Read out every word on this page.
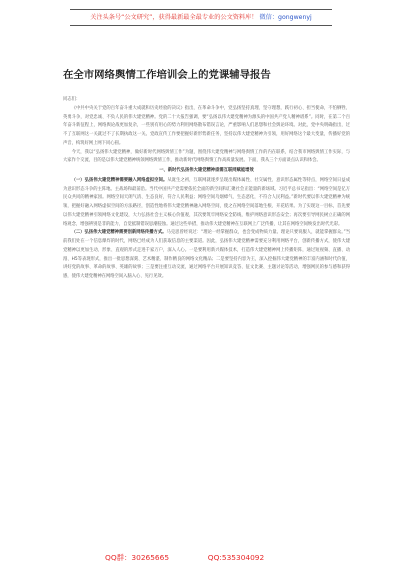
关注头条号“公文研究”，获得最新最全最专业的公文资料库！ 微信：gongwenyj
在全市网络舆情工作培训会上的党课辅导报告

同志们：

《中共中央关于党的百年奋斗重大成就和历史经验的决议》指出，在革命斗争中，党弘扬坚持真理、坚守理想，践行初心、担当使命，不怕牺牲、英勇斗争，对党忠诚、不负人民的伟大建党精神。党的二十大报告强调，要“弘扬以伟大建党精神为源头的中国共产党人精神谱系”。同时，在第二个百年奋斗新征程上，网络舆论战更加复杂，一些别有用心的势力利用网络散布错误言论，严重影响人们思想和社会舆论环境。对此，党中央明确指出，过不了互联网这一关就过不了长期执政这一关。党政宣传工作要把握好新形势新任务，坚持以伟大建党精神为引领，用好网络这个最大变量，传播好党的声音，构筑好网上网下同心圆。

今天，我以“弘扬伟大建党精神，做好新时代网络舆情工作”为题，围绕伟大建党精神与网络舆情工作的内在联系，结合我市网络舆情工作实际，与大家作个交流，目的是以伟大建党精神统领网络舆情工作，推动新时代网络舆情工作高质量发展。下面，我从三个方面谈点认识和体会。

一、新时代弘扬伟大建党精神亟需互联网赋能增效

（一）弘扬伟大建党精神需要融入网络虚拟空间。从诞生之初，互联网就逐步呈现出媒体属性、社交属性、意识形态属性等特点，网络空间日益成为意识形态斗争的主阵地。主战场和最前沿。当代中国共产党需要依托全面的新空间和汇聚社会正能量的新场域。习近平总书记指出：“网络空间是亿万民众共同的精神家园。网络空间天朗气清、生态良好，符合人民利益；网络空间乌烟瘴气、生态恶化，不符合人民利益。”新时代要以伟大建党精神为统领，把握好融入网络虚拟空间的方法路径，创造性地将伟大建党精神融入网络空间，使之在网络空间落地生根、开花结果。为了实现这一目标，首先要以伟大建党精神引领网络文化建设，大力弘扬社会主义核心价值观，其次要筑牢网络安全防线，维护网络意识形态安全；再次要引导网民树立正确的网络观念，增强辨别是非的能力，自觉抵制错误思潮侵蚀。通过这些举措，推动伟大建党精神在互联网上广泛传播，让其在网络空间焕发出时代光彩。

（二）弘扬伟大建党精神需要创新网络传播方式。马克思曾经说过：“理论一经掌握群众，也会变成物质力量。理论只要说服人，就能掌握群众。”当前我们处在一个信息爆炸的时代，网络已经成为人们获取信息的主要渠道。因此，弘扬伟大建党精神需要充分利用网络平台，创新传播方式，使伟大建党精神以更加生动、形象、直观的形式走进千家万户，深入人心。一是要利用新兴媒体技术，打造伟大建党精神网上传播矩阵，通过短视频、直播、动漫、H5等表现形式，推出一批思想深刻、艺术精湛、制作精良的网络文化精品；二是要坚持内容为王，深入挖掘伟大建党精神的丰富内涵和时代价值，讲好党的故事、革命的故事、英雄的故事；三是要注重互动交流，通过网络平台开展知识竞答、征文比赛、主题讨论等活动，增强网民的参与感和获得感，使伟大建党精神在网络空间入脑入心、见行见效。

QQ群：30265665	QQ:535304092
